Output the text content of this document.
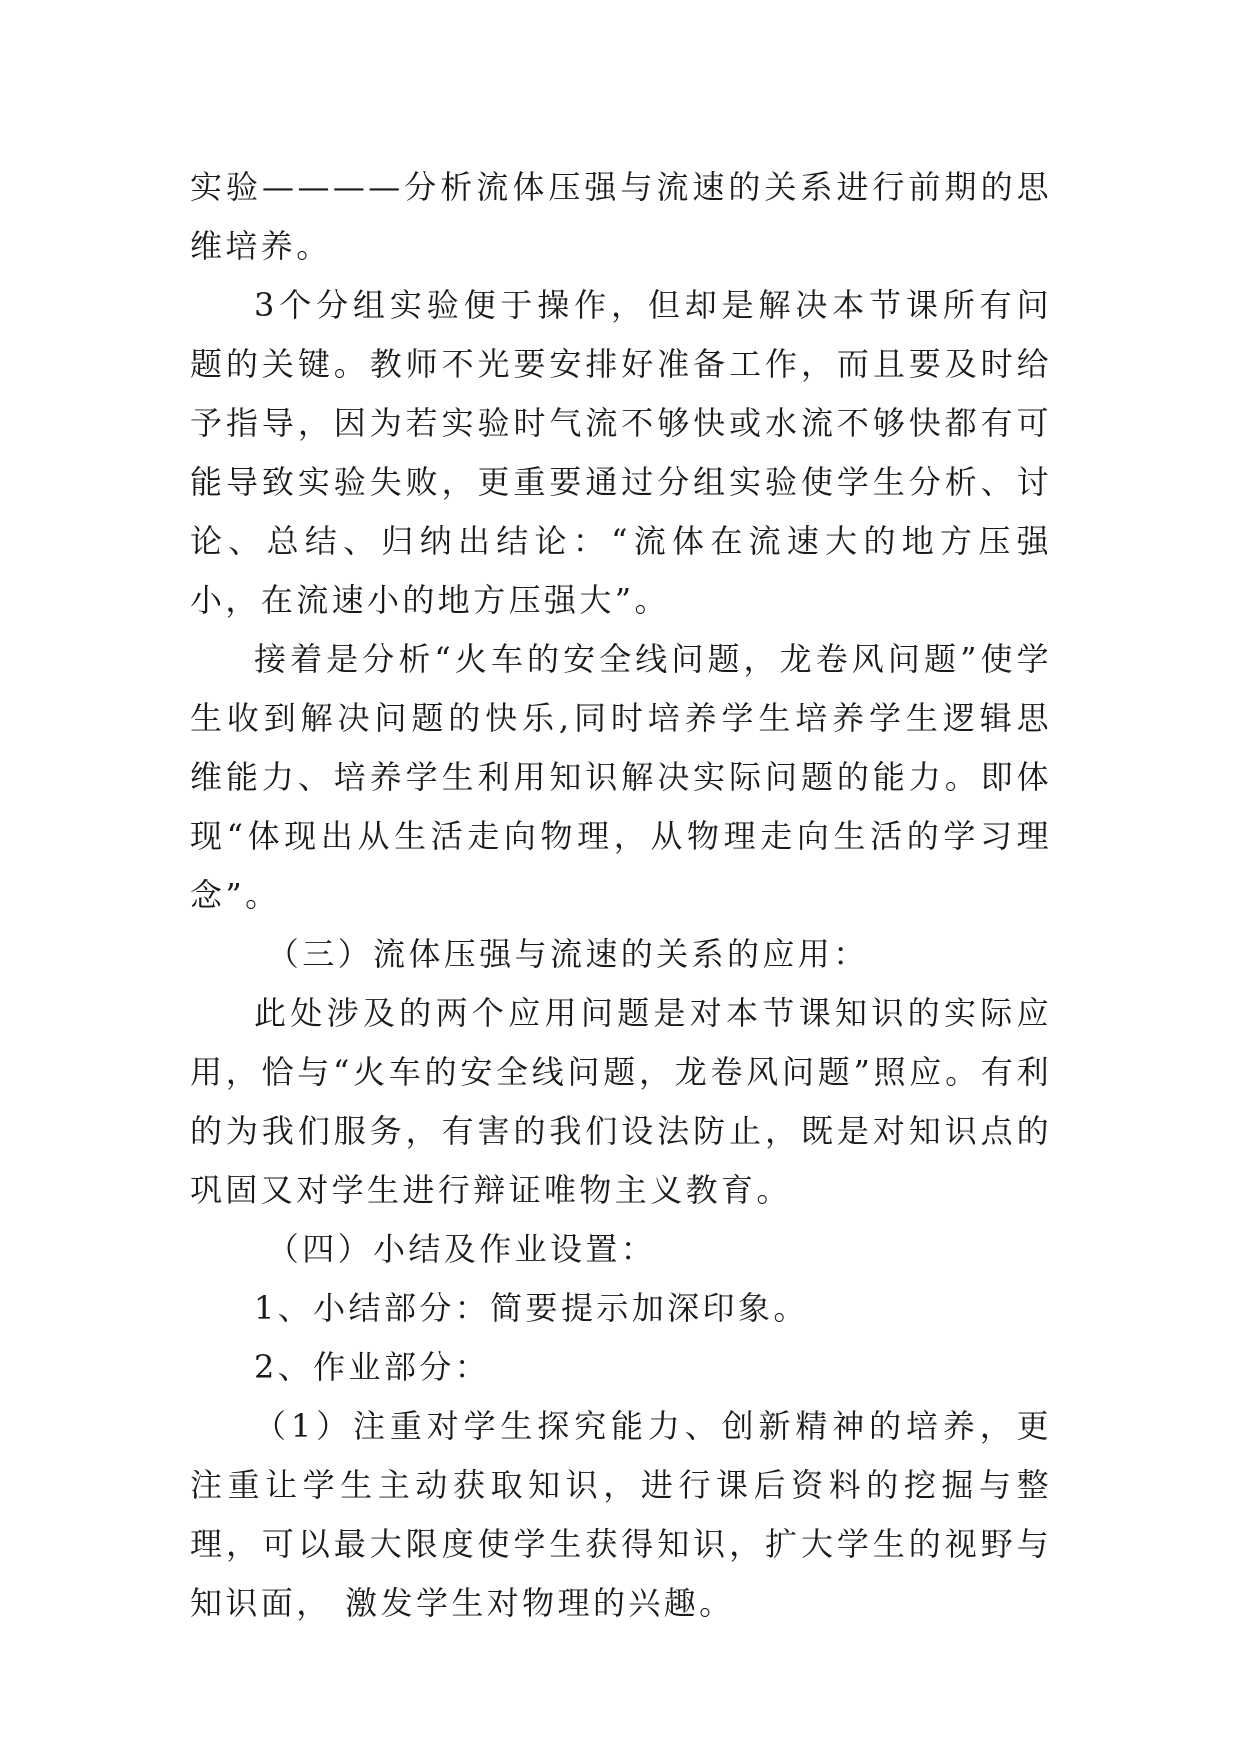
实验————分析流体压强与流速的关系进行前期的思维培养。

3个分组实验便于操作，但却是解决本节课所有问题的关键。教师不光要安排好准备工作，而且要及时给予指导，因为若实验时气流不够快或水流不够快都有可能导致实验失败，更重要通过分组实验使学生分析、讨论、总结、归纳出结论：“流体在流速大的地方压强小，在流速小的地方压强大”。

接着是分析“火车的安全线问题，龙卷风问题”使学生收到解决问题的快乐,同时培养学生培养学生逻辑思维能力、培养学生利用知识解决实际问题的能力。即体现“体现出从生活走向物理，从物理走向生活的学习理念”。

（三）流体压强与流速的关系的应用：

此处涉及的两个应用问题是对本节课知识的实际应用，恰与“火车的安全线问题，龙卷风问题”照应。有利的为我们服务，有害的我们设法防止，既是对知识点的巩固又对学生进行辩证唯物主义教育。

（四）小结及作业设置：

1、小结部分：简要提示加深印象。

2、作业部分：

（1）注重对学生探究能力、创新精神的培养，更注重让学生主动获取知识，进行课后资料的挖掘与整理，可以最大限度使学生获得知识，扩大学生的视野与知识面， 激发学生对物理的兴趣。
